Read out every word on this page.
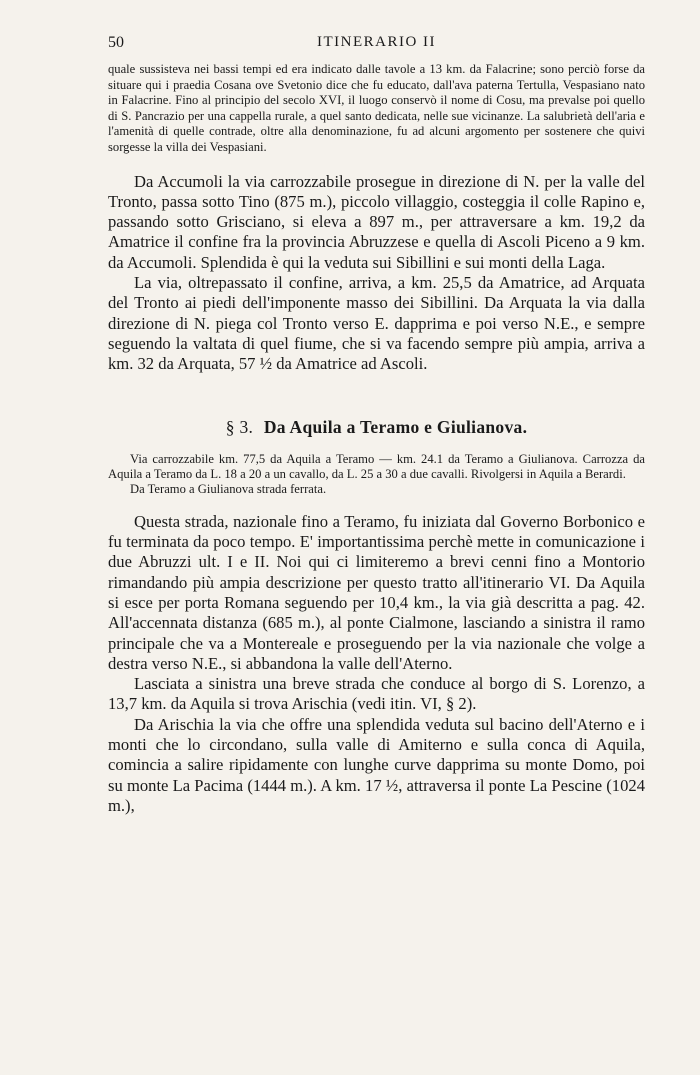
50	ITINERARIO II

quale sussisteva nei bassi tempi ed era indicato dalle tavole a 13 km. da Falacrine; sono perciò forse da situare qui i praedia Cosana ove Svetonio dice che fu educato, dall'ava paterna Tertulla, Vespasiano nato in Falacrine. Fino al principio del secolo XVI, il luogo conservò il nome di Cosu, ma prevalse poi quello di S. Pancrazio per una cappella rurale, a quel santo dedicata, nelle sue vicinanze. La salubrietà dell'aria e l'amenità di quelle contrade, oltre alla denominazione, fu ad alcuni argomento per sostenere che quivi sorgesse la villa dei Vespasiani.

Da Accumoli la via carrozzabile prosegue in direzione di N. per la valle del Tronto, passa sotto Tino (875 m.), piccolo villaggio, costeggia il colle Rapino e, passando sotto Grisciano, si eleva a 897 m., per attraversare a km. 19,2 da Amatrice il confine fra la provincia Abruzzese e quella di Ascoli Piceno a 9 km. da Accumoli. Splendida è qui la veduta sui Sibillini e sui monti della Laga.

La via, oltrepassato il confine, arriva, a km. 25,5 da Amatrice, ad Arquata del Tronto ai piedi dell'imponente masso dei Sibillini. Da Arquata la via dalla direzione di N. piega col Tronto verso E. dapprima e poi verso N.E., e sempre seguendo la valtata di quel fiume, che si va facendo sempre più ampia, arriva a km. 32 da Arquata, 57 ½ da Amatrice ad Ascoli.

§ 3. Da Aquila a Teramo e Giulianova.

Via carrozzabile km. 77,5 da Aquila a Teramo — km. 24.1 da Teramo a Giulianova. Carrozza da Aquila a Teramo da L. 18 a 20 a un cavallo, da L. 25 a 30 a due cavalli. Rivolgersi in Aquila a Berardi.

Da Teramo a Giulianova strada ferrata.

Questa strada, nazionale fino a Teramo, fu iniziata dal Governo Borbonico e fu terminata da poco tempo. E' importantissima perchè mette in comunicazione i due Abruzzi ult. I e II. Noi qui ci limiteremo a brevi cenni fino a Montorio rimandando più ampia descrizione per questo tratto all'itinerario VI. Da Aquila si esce per porta Romana seguendo per 10,4 km., la via già descritta a pag. 42. All'accennata distanza (685 m.), al ponte Cialmone, lasciando a sinistra il ramo principale che va a Montereale e proseguendo per la via nazionale che volge a destra verso N.E., si abbandona la valle dell'Aterno.

Lasciata a sinistra una breve strada che conduce al borgo di S. Lorenzo, a 13,7 km. da Aquila si trova Arischia (vedi itin. VI, § 2).

Da Arischia la via che offre una splendida veduta sul bacino dell'Aterno e i monti che lo circondano, sulla valle di Amiterno e sulla conca di Aquila, comincia a salire ripidamente con lunghe curve dapprima su monte Domo, poi su monte La Pacima (1444 m.). A km. 17 ½, attraversa il ponte La Pescine (1024 m.),
